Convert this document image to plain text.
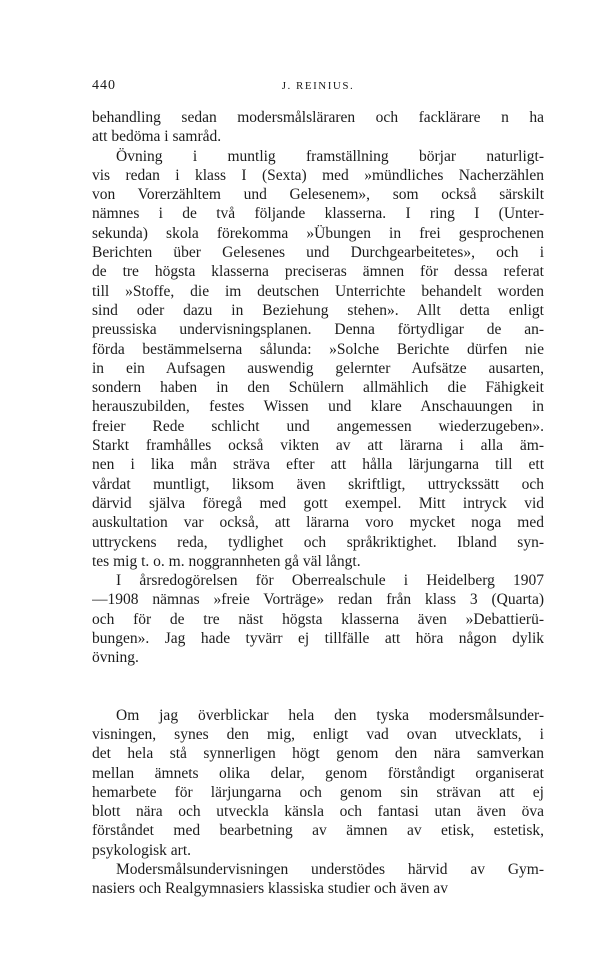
440	J. REINIUS.
behandling sedan modersmålsläraren och facklärare n ha
att bedöma i samråd.
Övning i muntlig framställning börjar naturligt-
vis redan i klass I (Sexta) med »mündliches Nacherzählen
von Vorerzähltem und Gelesenem», som också särskilt
nämnes i de två följande klasserna. I ring I (Unter-
sekunda) skola förekomma »Übungen in frei gesprochenen
Berichten über Gelesenes und Durchgearbeitetes», och i
de tre högsta klasserna preciseras ämnen för dessa referat
till »Stoffe, die im deutschen Unterrichte behandelt worden
sind oder dazu in Beziehung stehen». Allt detta enligt
preussiska undervisningsplanen. Denna förtydligar de an-
förda bestämmelserna sålunda: »Solche Berichte dürfen nie
in ein Aufsagen auswendig gelernter Aufsätze ausarten,
sondern haben in den Schülern allmählich die Fähigkeit
herauszubilden, festes Wissen und klare Anschauungen in
freier Rede schlicht und angemessen wiederzugeben».
Starkt framhålles också vikten av att lärarna i alla äm-
nen i lika mån sträva efter att hålla lärjungarna till ett
vårdat muntligt, liksom även skriftligt, uttryckssätt och
därvid själva föregå med gott exempel. Mitt intryck vid
auskultation var också, att lärarna voro mycket noga med
uttryckens reda, tydlighet och språkriktighet. Ibland syn-
tes mig t. o. m. noggrannheten gå väl långt.
I årsredogörelsen för Oberrealschule i Heidelberg 1907
—1908 nämnas »freie Vorträge» redan från klass 3 (Quarta)
och för de tre näst högsta klasserna även »Debattierü-
bungen». Jag hade tyvärr ej tillfälle att höra någon dylik
övning.
Om jag överblickar hela den tyska modersmålsunder-
visningen, synes den mig, enligt vad ovan utvecklats, i
det hela stå synnerligen högt genom den nära samverkan
mellan ämnets olika delar, genom förståndigt organiserat
hemarbete för lärjungarna och genom sin strävan att ej
blott nära och utveckla känsla och fantasi utan även öva
förståndet med bearbetning av ämnen av etisk, estetisk,
psykologisk art.
Modersmålsundervisningen understödes härvid av Gym-
nasiers och Realgymnasiers klassiska studier och även av
